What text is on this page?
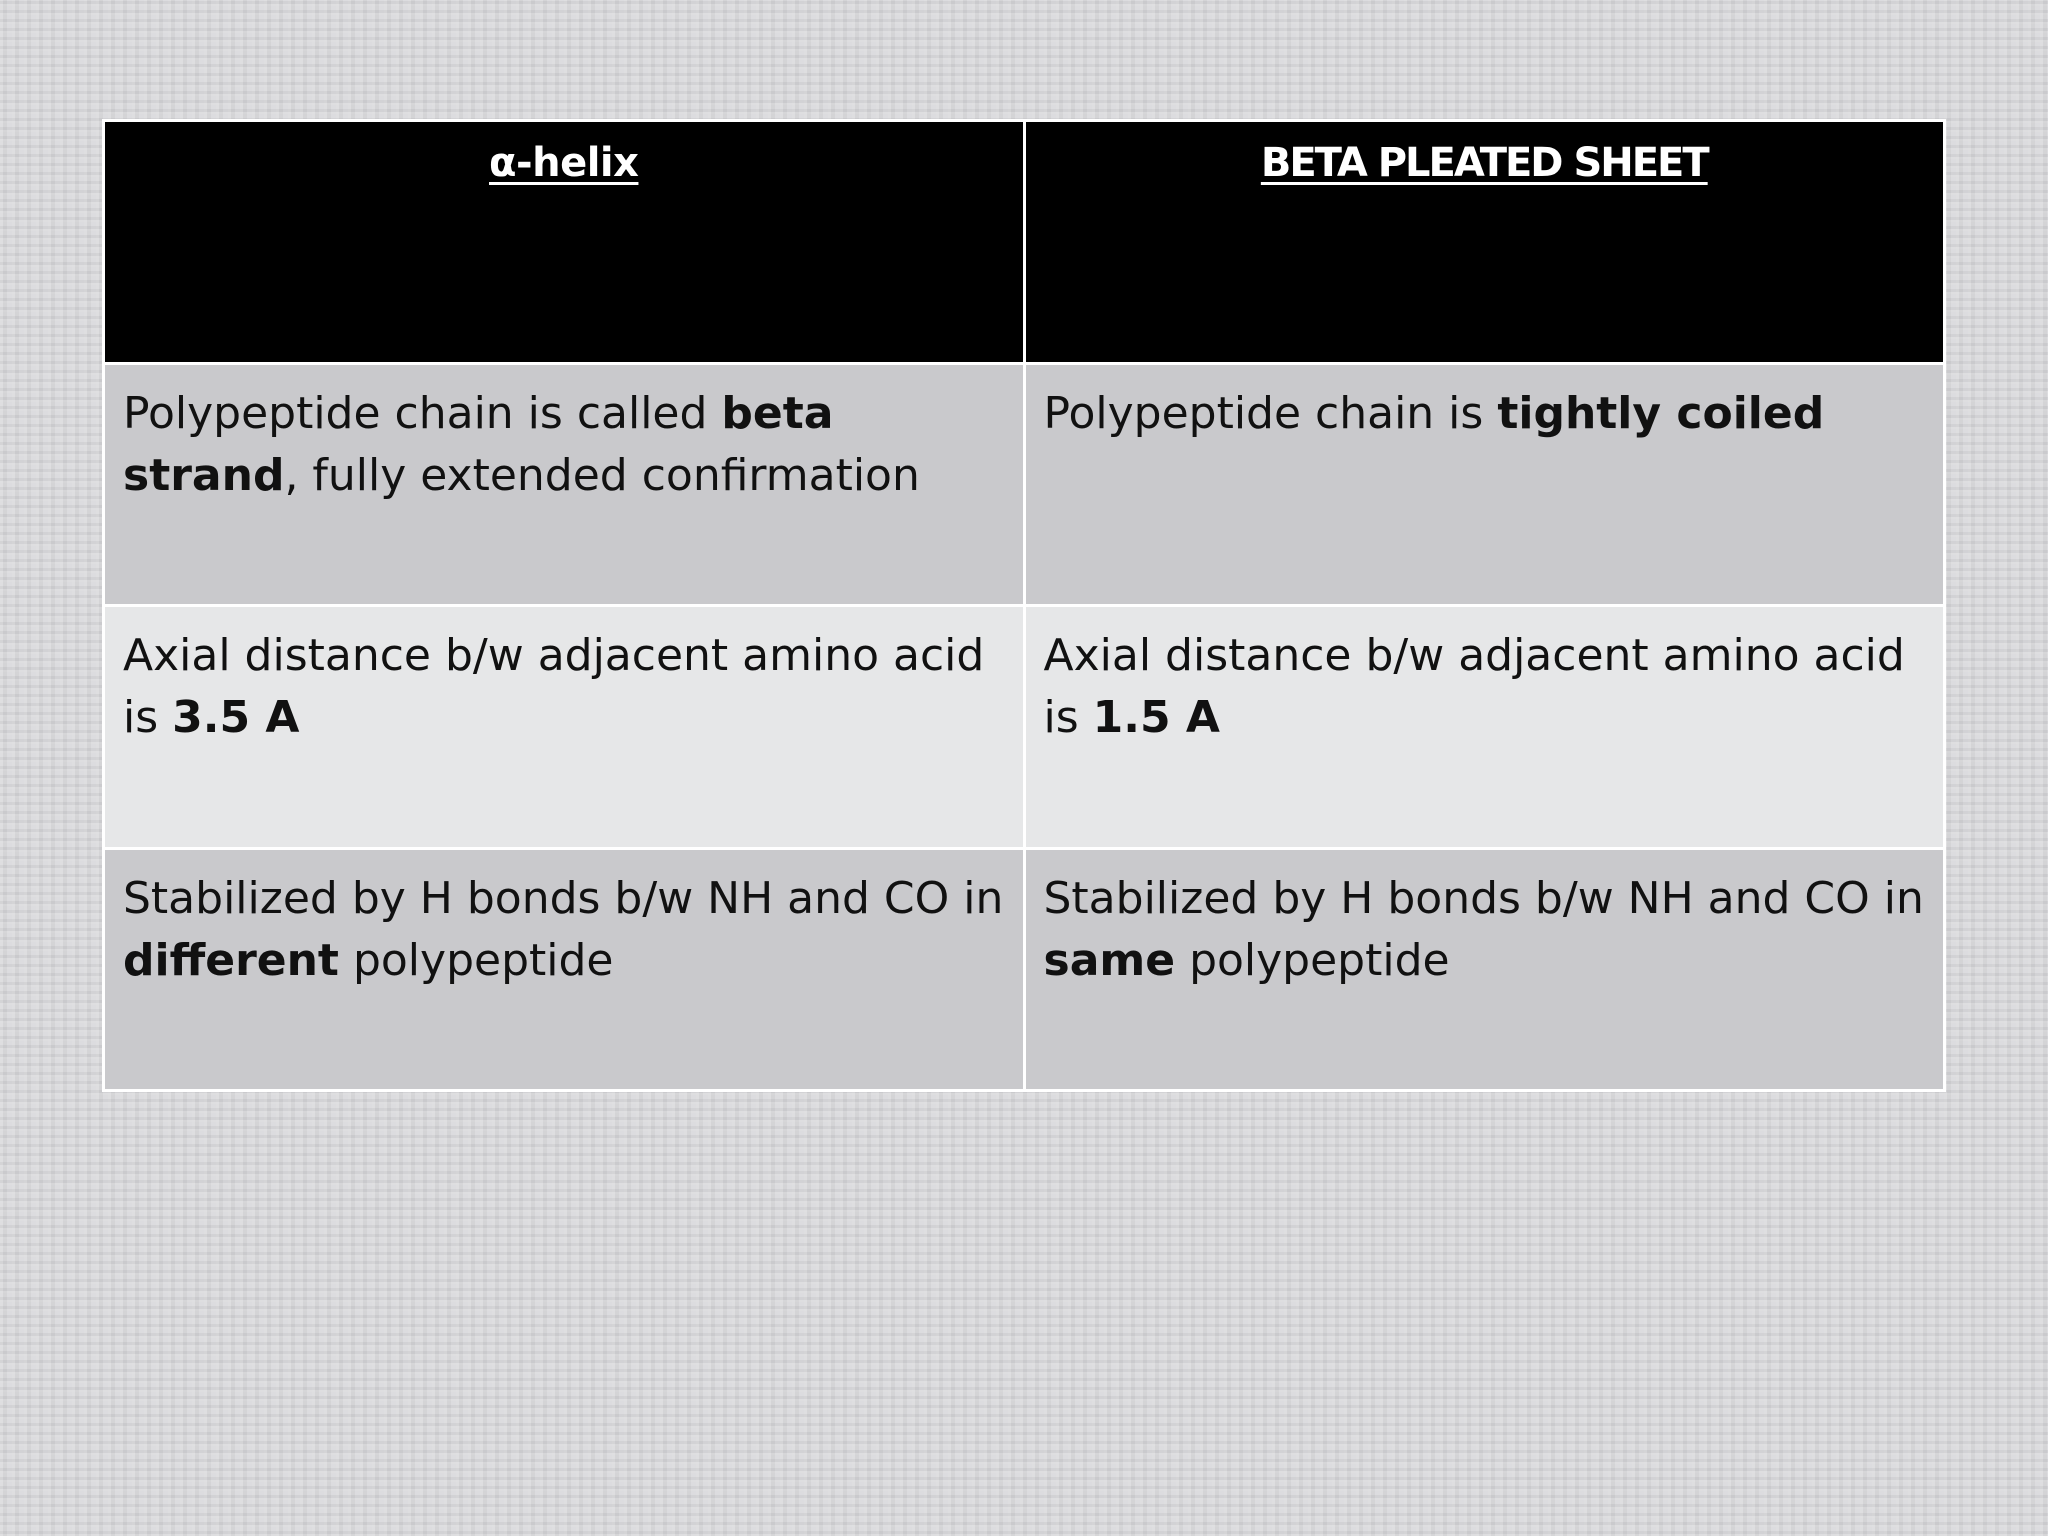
α-helix	BETA PLEATED SHEET

Polypeptide chain is called beta strand, fully extended confirmation	Polypeptide chain is tightly coiled

Axial distance b/w adjacent amino acid is 3.5 A	Axial distance b/w adjacent amino acid is 1.5 A

Stabilized by H bonds b/w NH and CO in different polypeptide	Stabilized by H bonds b/w NH and CO in same polypeptide
